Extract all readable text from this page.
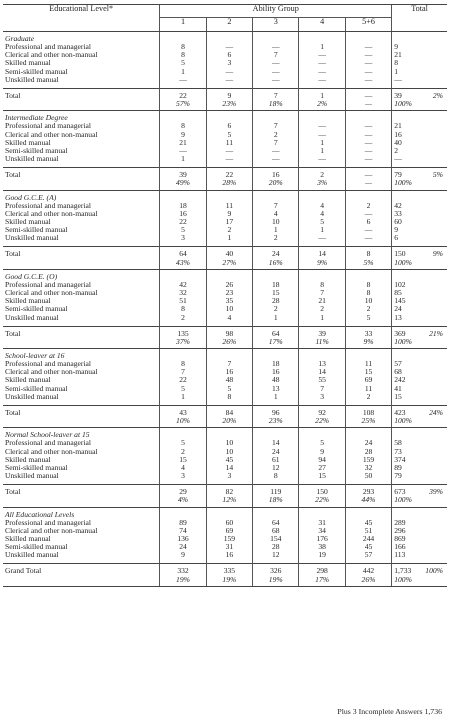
Educational Level*	Ability Group					Total
	1	2	3	4	5+6	
Graduate						
Professional and managerial	8	—	—	1	—	9
Clerical and other non-manual	8	6	7	—	—	21
Skilled manual	5	3	—	—	—	8
Semi-skilled manual	1	—	—	—	—	1
Unskilled manual	—	—	—	—	—	—

Total	22	9	7	1	—	39 2%

	57%	23%	18%	2%	—	100%
Intermediate Degree						
Professional and managerial	8	6	7	—	—	21
Clerical and other non-manual	9	5	2	—	—	16
Skilled manual	21	11	7	1	—	40
Semi-skilled manual	—	—	—	1	—	2
Unskilled manual	1	—	—	—	—	—

Total	39	22	16	2	—	79 5%

	49%	28%	20%	3%	—	100%
Good G.C.E. (A)						
Professional and managerial	18	11	7	4	2	42
Clerical and other non-manual	16	9	4	4	—	33
Skilled manual	22	17	10	5	6	60
Semi-skilled manual	5	2	1	1	—	9
Unskilled manual	3	1	2	—	—	6

Total	64	40	24	14	8	150 9%

	43%	27%	16%	9%	5%	100%
Good G.C.E. (O)						
Professional and managerial	42	26	18	8	8	102
Clerical and other non-manual	32	23	15	7	8	85
Skilled manual	51	35	28	21	10	145
Semi-skilled manual	8	10	2	2	2	24
Unskilled manual	2	4	1	1	5	13

Total	135	98	64	39	33	369 21%

	37%	26%	17%	11%	9%	100%
School-leaver at 16						
Professional and managerial	8	7	18	13	11	57
Clerical and other non-manual	7	16	16	14	15	68
Skilled manual	22	48	48	55	69	242
Semi-skilled manual	5	5	13	7	11	41
Unskilled manual	1	8	1	3	2	15

Total	43	84	96	92	108	423 24%

	10%	20%	23%	22%	25%	100%
Normal School-leaver at 15						
Professional and managerial	5	10	14	5	24	58
Clerical and other non-manual	2	10	24	9	28	73
Skilled manual	15	45	61	94	159	374
Semi-skilled manual	4	14	12	27	32	89
Unskilled manual	3	3	8	15	50	79

Total	29	82	119	150	293	673 39%

	4%	12%	18%	22%	44%	100%
All Educational Levels						
Professional and managerial	89	60	64	31	45	289
Clerical and other non-manual	74	69	68	34	51	296
Skilled manual	136	159	154	176	244	869
Semi-skilled manual	24	31	28	38	45	166
Unskilled manual	9	16	12	19	57	113

Grand Total	332	335	326	298	442	1,733 100%

	19%	19%	19%	17%	26%	100%
Plus 3 Incomplete Answers 1,736
